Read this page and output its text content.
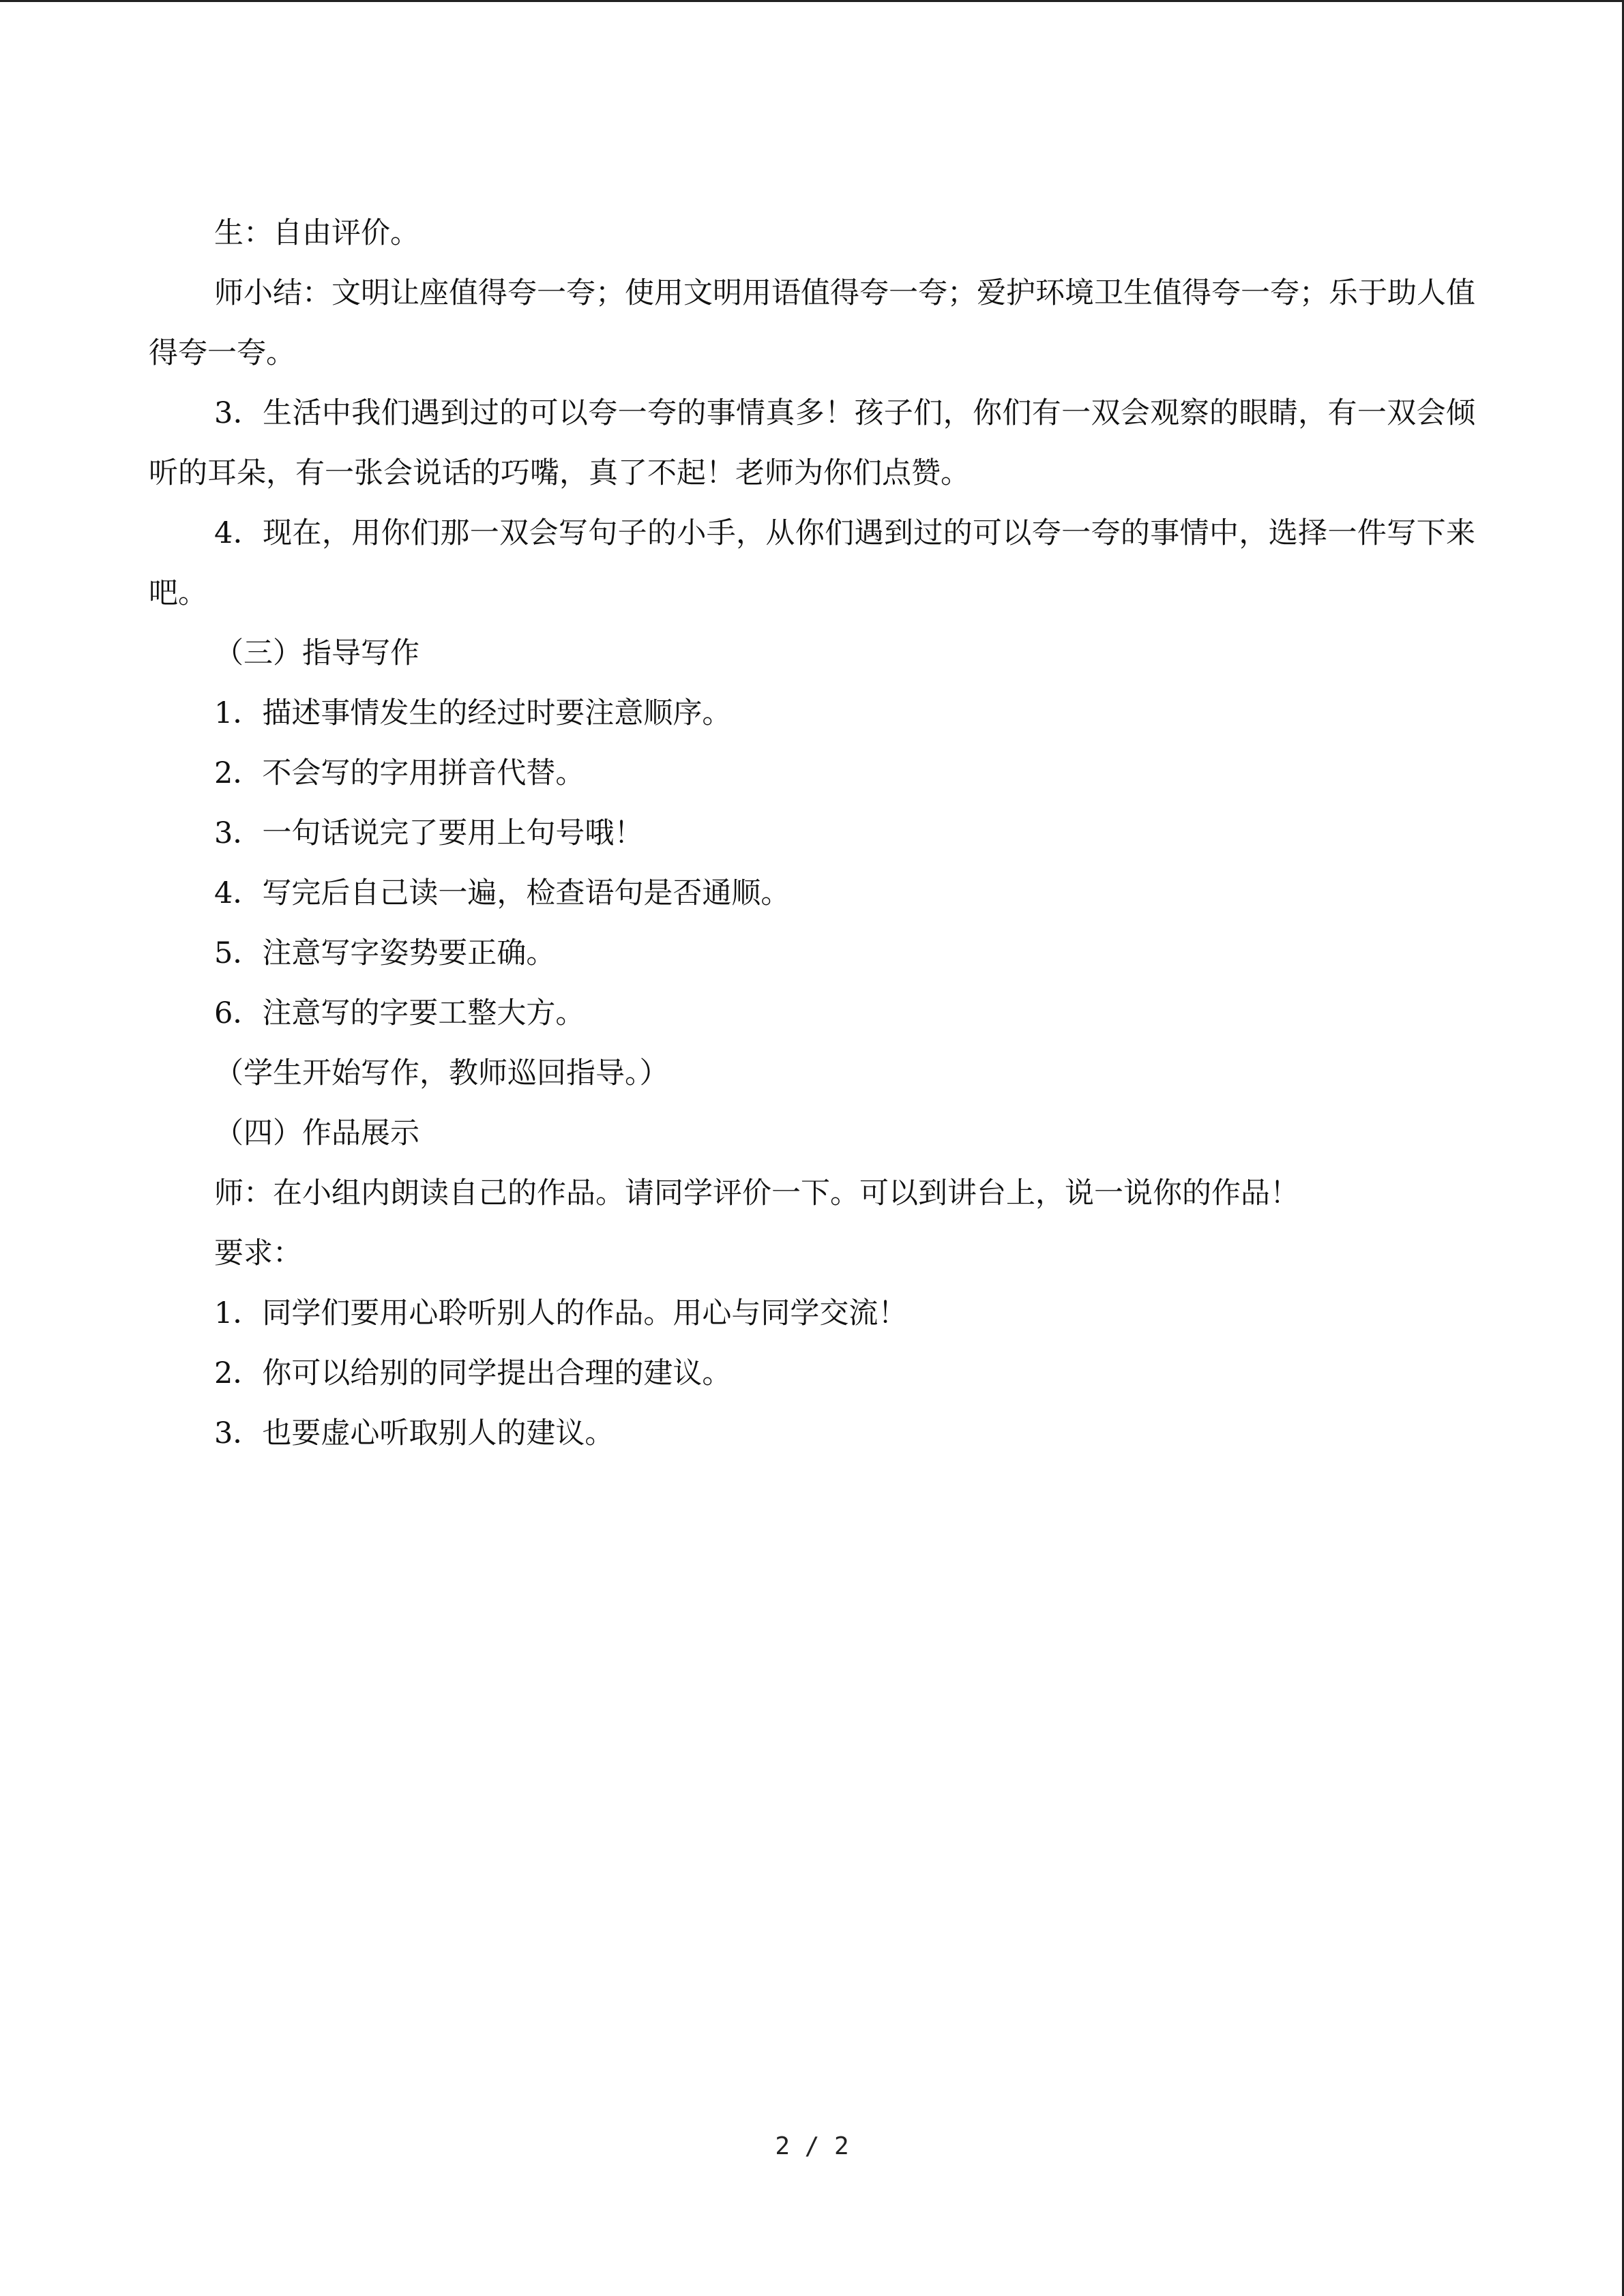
生：自由评价。

师小结：文明让座值得夸一夸；使用文明用语值得夸一夸；爱护环境卫生值得夸一夸；乐于助人值得夸一夸。

3．生活中我们遇到过的可以夸一夸的事情真多！孩子们，你们有一双会观察的眼睛，有一双会倾听的耳朵，有一张会说话的巧嘴，真了不起！老师为你们点赞。

4．现在，用你们那一双会写句子的小手，从你们遇到过的可以夸一夸的事情中，选择一件写下来吧。

（三）指导写作

1．描述事情发生的经过时要注意顺序。

2．不会写的字用拼音代替。

3．一句话说完了要用上句号哦！

4．写完后自己读一遍，检查语句是否通顺。

5．注意写字姿势要正确。

6．注意写的字要工整大方。

（学生开始写作，教师巡回指导。）

（四）作品展示

师：在小组内朗读自己的作品。请同学评价一下。可以到讲台上，说一说你的作品！

要求：

1．同学们要用心聆听别人的作品。用心与同学交流！

2．你可以给别的同学提出合理的建议。

3．也要虚心听取别人的建议。

2 / 2
